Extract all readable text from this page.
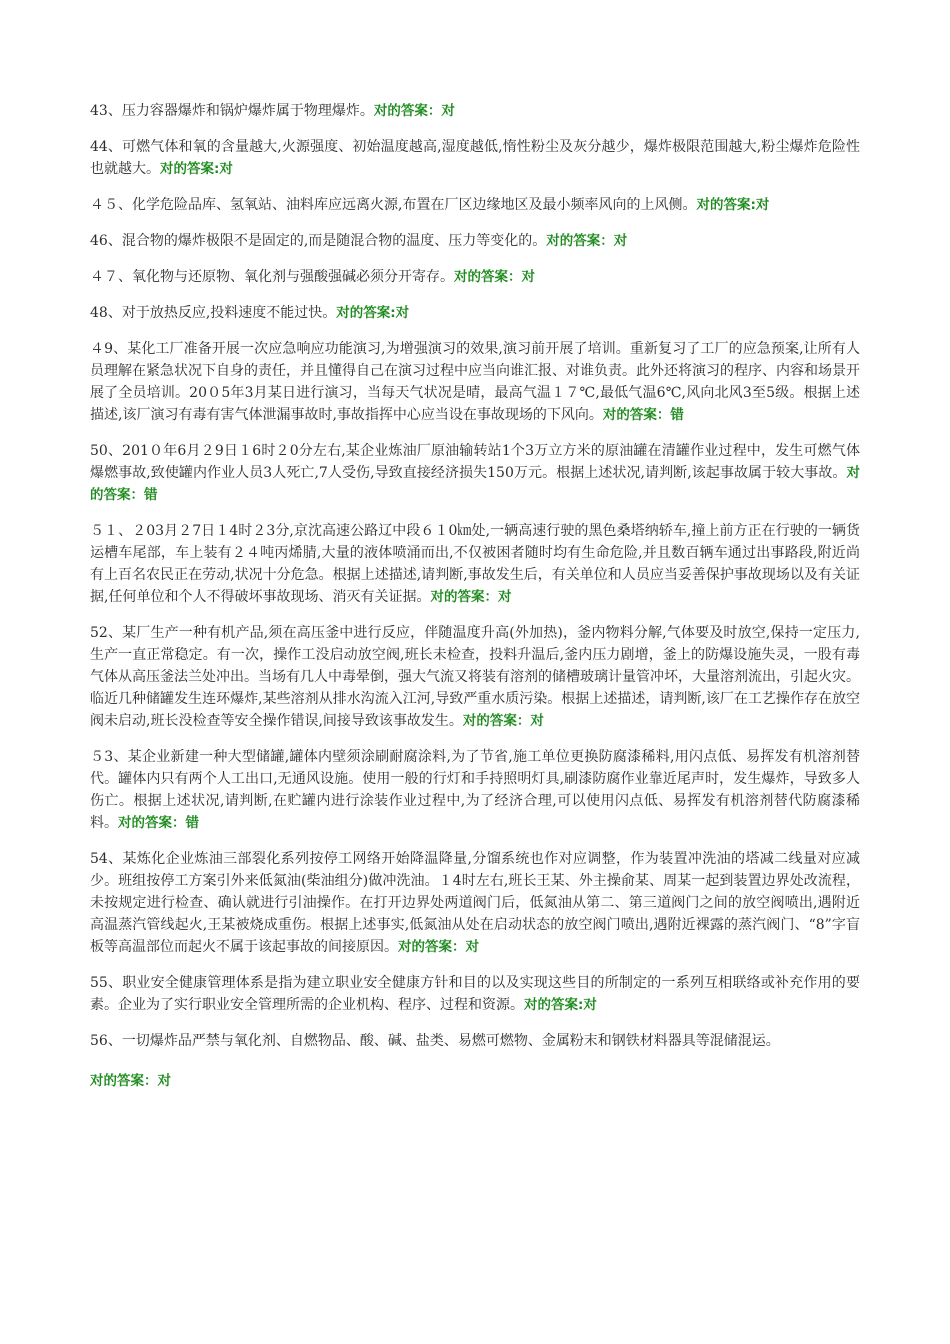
43、压力容器爆炸和锅炉爆炸属于物理爆炸。对的答案：对

44、可燃气体和氧的含量越大,火源强度、初始温度越高,湿度越低,惰性粉尘及灰分越少，爆炸极限范围越大,粉尘爆炸危险性也就越大。对的答案:对

４５、化学危险品库、氢氧站、油料库应远离火源,布置在厂区边缘地区及最小频率风向的上风侧。对的答案:对

46、混合物的爆炸极限不是固定的,而是随混合物的温度、压力等变化的。对的答案：对

４７、氧化物与还原物、氧化剂与强酸强碱必须分开寄存。对的答案：对

48、对于放热反应,投料速度不能过快。对的答案:对

４9、某化工厂准备开展一次应急响应功能演习,为增强演习的效果,演习前开展了培训。重新复习了工厂的应急预案,让所有人员理解在紧急状况下自身的责任，并且懂得自己在演习过程中应当向谁汇报、对谁负责。此外还将演习的程序、内容和场景开展了全员培训。20０5年3月某日进行演习，当每天气状况是晴，最高气温１７℃,最低气温6℃,风向北风3至5级。根据上述描述,该厂演习有毒有害气体泄漏事故时,事故指挥中心应当设在事故现场的下风向。对的答案：错

50、201０年6月２9日１6时２0分左右,某企业炼油厂原油输转站1个3万立方米的原油罐在清罐作业过程中，发生可燃气体爆燃事故,致使罐内作业人员3人死亡,7人受伤,导致直接经济损失150万元。根据上述状况,请判断,该起事故属于较大事故。对的答案：错

５１、２03月２7日１4时２3分,京沈高速公路辽中段６１0㎞处,一辆高速行驶的黑色桑塔纳轿车,撞上前方正在行驶的一辆货运槽车尾部，车上装有２４吨丙烯腈,大量的液体喷涌而出,不仅被困者随时均有生命危险,并且数百辆车通过出事路段,附近尚有上百名农民正在劳动,状况十分危急。根据上述描述,请判断,事故发生后，有关单位和人员应当妥善保护事故现场以及有关证据,任何单位和个人不得破坏事故现场、消灭有关证据。对的答案：对

52、某厂生产一种有机产品,须在高压釜中进行反应，伴随温度升高(外加热)，釜内物料分解,气体要及时放空,保持一定压力,生产一直正常稳定。有一次，操作工没启动放空阀,班长未检查，投料升温后,釜内压力剧增，釜上的防爆设施失灵，一股有毒气体从高压釜法兰处冲出。当场有几人中毒晕倒，强大气流又将装有溶剂的储槽玻璃计量管冲坏，大量溶剂流出，引起火灾。临近几种储罐发生连环爆炸,某些溶剂从排水沟流入江河,导致严重水质污染。根据上述描述，请判断,该厂在工艺操作存在放空阀未启动,班长没检查等安全操作错误,间接导致该事故发生。对的答案：对

５3、某企业新建一种大型储罐,罐体内壁须涂刷耐腐涂料,为了节省,施工单位更换防腐漆稀料,用闪点低、易挥发有机溶剂替代。罐体内只有两个人工出口,无通风设施。使用一般的行灯和手持照明灯具,刷漆防腐作业靠近尾声时，发生爆炸，导致多人伤亡。根据上述状况,请判断,在贮罐内进行涂装作业过程中,为了经济合理,可以使用闪点低、易挥发有机溶剂替代防腐漆稀料。对的答案：错

54、某炼化企业炼油三部裂化系列按停工网络开始降温降量,分馏系统也作对应调整，作为装置冲洗油的塔减二线量对应减少。班组按停工方案引外来低氮油(柴油组分)做冲洗油。１4时左右,班长王某、外主操俞某、周某一起到装置边界处改流程，未按规定进行检查、确认就进行引油操作。在打开边界处两道阀门后，低氮油从第二、第三道阀门之间的放空阀喷出,遇附近高温蒸汽管线起火,王某被烧成重伤。根据上述事实,低氮油从处在启动状态的放空阀门喷出,遇附近裸露的蒸汽阀门、“8”字盲板等高温部位而起火不属于该起事故的间接原因。对的答案：对

55、职业安全健康管理体系是指为建立职业安全健康方针和目的以及实现这些目的所制定的一系列互相联络或补充作用的要素。企业为了实行职业安全管理所需的企业机构、程序、过程和资源。对的答案:对

56、一切爆炸品严禁与氧化剂、自燃物品、酸、碱、盐类、易燃可燃物、金属粉末和钢铁材料器具等混储混运。

对的答案：对
